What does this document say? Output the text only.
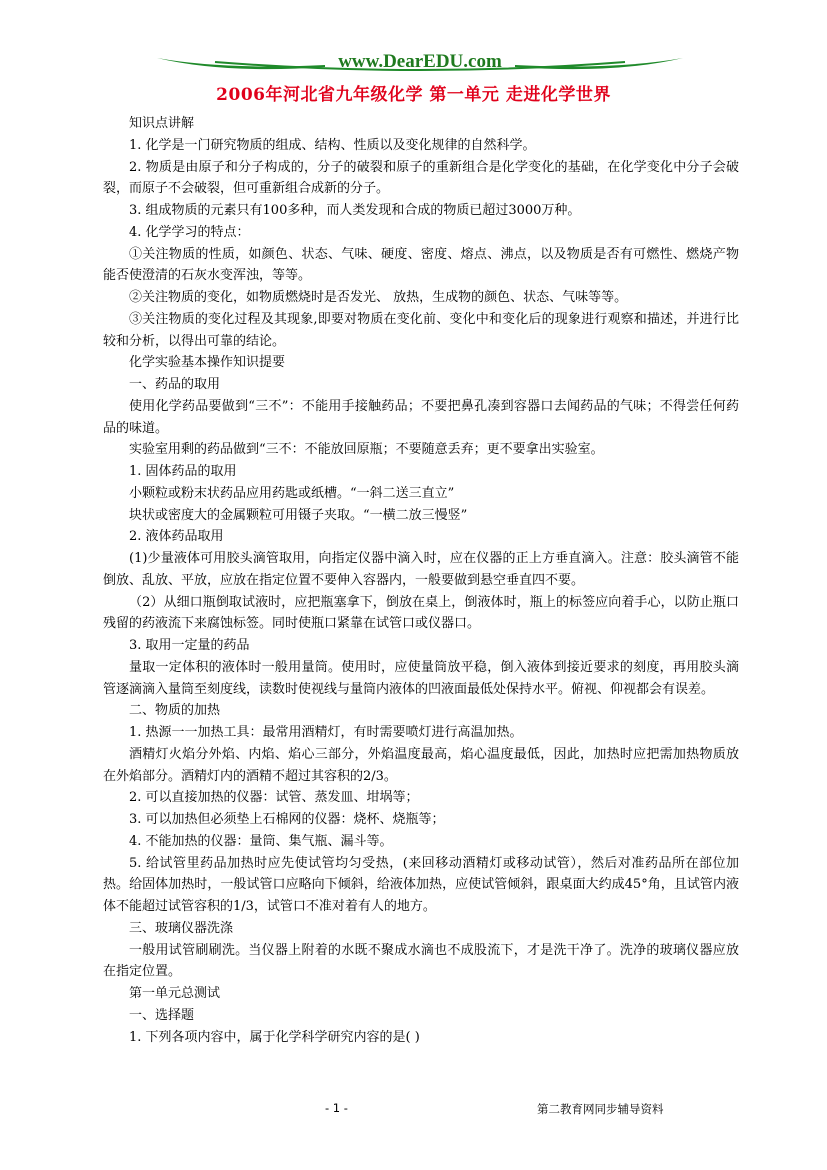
www.DearEDU.com
2006年河北省九年级化学 第一单元 走进化学世界

知识点讲解

1. 化学是一门研究物质的组成、结构、性质以及变化规律的自然科学。

2. 物质是由原子和分子构成的，分子的破裂和原子的重新组合是化学变化的基础，在化学变化中分子会破裂，而原子不会破裂，但可重新组合成新的分子。

3. 组成物质的元素只有100多种，而人类发现和合成的物质已超过3000万种。

4. 化学学习的特点：

①关注物质的性质，如颜色、状态、气味、硬度、密度、熔点、沸点，以及物质是否有可燃性、燃烧产物能否使澄清的石灰水变浑浊，等等。

②关注物质的变化，如物质燃烧时是否发光、 放热，生成物的颜色、状态、气味等等。

③关注物质的变化过程及其现象,即要对物质在变化前、变化中和变化后的现象进行观察和描述，并进行比较和分析，以得出可靠的结论。

化学实验基本操作知识提要

一、药品的取用

使用化学药品要做到“三不”：不能用手接触药品；不要把鼻孔凑到容器口去闻药品的气味；不得尝任何药品的味道。

实验室用剩的药品做到“三不：不能放回原瓶；不要随意丢弃；更不要拿出实验室。

1. 固体药品的取用

小颗粒或粉末状药品应用药匙或纸槽。“一斜二送三直立”

块状或密度大的金属颗粒可用镊子夹取。“一横二放三慢竖”

2. 液体药品取用

(1)少量液体可用胶头滴管取用，向指定仪器中滴入时，应在仪器的正上方垂直滴入。注意：胶头滴管不能倒放、乱放、平放，应放在指定位置不要伸入容器内，一般要做到悬空垂直四不要。

（2）从细口瓶倒取试液时，应把瓶塞拿下，倒放在桌上，倒液体时，瓶上的标签应向着手心，以防止瓶口残留的药液流下来腐蚀标签。同时使瓶口紧靠在试管口或仪器口。

3. 取用一定量的药品

量取一定体积的液体时一般用量筒。使用时，应使量筒放平稳，倒入液体到接近要求的刻度，再用胶头滴管逐滴滴入量筒至刻度线，读数时使视线与量筒内液体的凹液面最低处保持水平。俯视、仰视都会有误差。

二、物质的加热

1. 热源一一加热工具：最常用酒精灯，有时需要喷灯进行高温加热。

酒精灯火焰分外焰、内焰、焰心三部分，外焰温度最高，焰心温度最低，因此，加热时应把需加热物质放在外焰部分。酒精灯内的酒精不超过其容积的2/3。

2. 可以直接加热的仪器：试管、蒸发皿、坩埚等；

3. 可以加热但必须垫上石棉网的仪器：烧杯、烧瓶等；

4. 不能加热的仪器：量筒、集气瓶、漏斗等。

5. 给试管里药品加热时应先使试管均匀受热，(来回移动酒精灯或移动试管），然后对准药品所在部位加热。给固体加热时，一般试管口应略向下倾斜，给液体加热，应使试管倾斜，跟桌面大约成45°角，且试管内液体不能超过试管容积的1/3，试管口不准对着有人的地方。

三、玻璃仪器洗涤

一般用试管刷刷洗。当仪器上附着的水既不聚成水滴也不成股流下，才是洗干净了。洗净的玻璃仪器应放在指定位置。

第一单元总测试

一、选择题

1. 下列各项内容中，属于化学科学研究内容的是( )

- 1 -	第二教育网同步辅导资料
